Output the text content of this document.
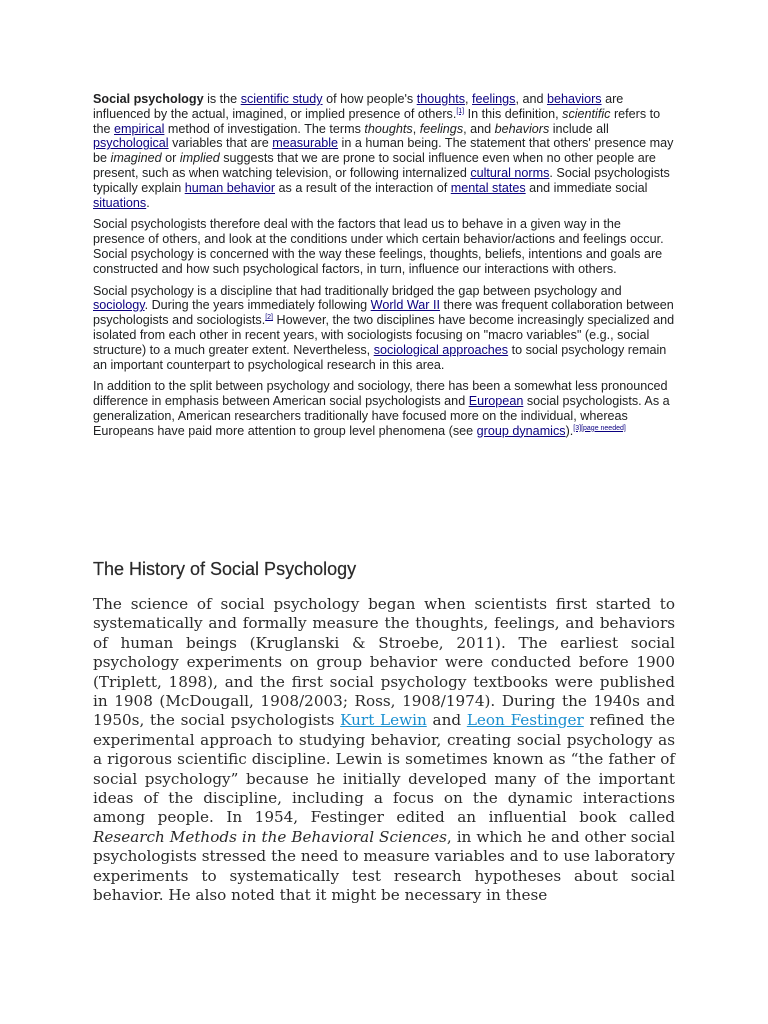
Social psychology is the scientific study of how people's thoughts, feelings, and behaviors are influenced by the actual, imagined, or implied presence of others.[1] In this definition, scientific refers to the empirical method of investigation. The terms thoughts, feelings, and behaviors include all psychological variables that are measurable in a human being. The statement that others' presence may be imagined or implied suggests that we are prone to social influence even when no other people are present, such as when watching television, or following internalized cultural norms. Social psychologists typically explain human behavior as a result of the interaction of mental states and immediate social situations.

Social psychologists therefore deal with the factors that lead us to behave in a given way in the presence of others, and look at the conditions under which certain behavior/actions and feelings occur. Social psychology is concerned with the way these feelings, thoughts, beliefs, intentions and goals are constructed and how such psychological factors, in turn, influence our interactions with others.

Social psychology is a discipline that had traditionally bridged the gap between psychology and sociology. During the years immediately following World War II there was frequent collaboration between psychologists and sociologists.[2] However, the two disciplines have become increasingly specialized and isolated from each other in recent years, with sociologists focusing on "macro variables" (e.g., social structure) to a much greater extent. Nevertheless, sociological approaches to social psychology remain an important counterpart to psychological research in this area.

In addition to the split between psychology and sociology, there has been a somewhat less pronounced difference in emphasis between American social psychologists and European social psychologists. As a generalization, American researchers traditionally have focused more on the individual, whereas Europeans have paid more attention to group level phenomena (see group dynamics).[3][page needed]

The History of Social Psychology

The science of social psychology began when scientists first started to systematically and formally measure the thoughts, feelings, and behaviors of human beings (Kruglanski & Stroebe, 2011). The earliest social psychology experiments on group behavior were conducted before 1900 (Triplett, 1898), and the first social psychology textbooks were published in 1908 (McDougall, 1908/2003; Ross, 1908/1974). During the 1940s and 1950s, the social psychologists Kurt Lewin and Leon Festinger refined the experimental approach to studying behavior, creating social psychology as a rigorous scientific discipline. Lewin is sometimes known as “the father of social psychology” because he initially developed many of the important ideas of the discipline, including a focus on the dynamic interactions among people. In 1954, Festinger edited an influential book called Research Methods in the Behavioral Sciences, in which he and other social psychologists stressed the need to measure variables and to use laboratory experiments to systematically test research hypotheses about social behavior. He also noted that it might be necessary in these
